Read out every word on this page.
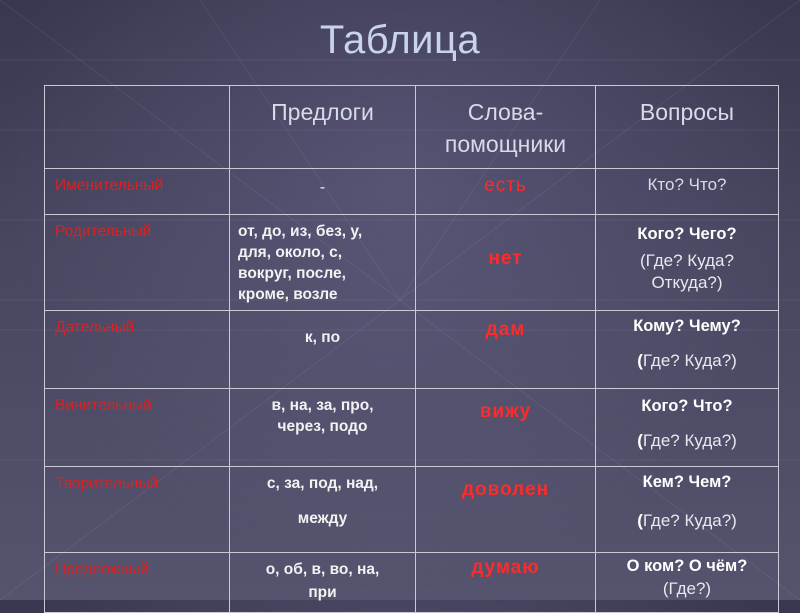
Таблица

	Предлоги	Слова-
помощники	Вопросы

Именительный	-	есть	Кто? Что?

Родительный	от, до, из, без, у,
для, около, с,
вокруг, после,
кроме, возле	нет	Кого? Чего?
(Где? Куда?
Откуда?)

Дательный	к, по	дам	Кому? Чему?
(Где? Куда?)

Винительный	в, на, за, про,
через, подо	вижу	Кого? Что?
(Где? Куда?)

Творительный	с, за, под, над,
между	доволен	Кем? Чем?
(Где? Куда?)

Предложный	о, об, в, во, на,
при	думаю	О ком? О чём?
(Где?)
